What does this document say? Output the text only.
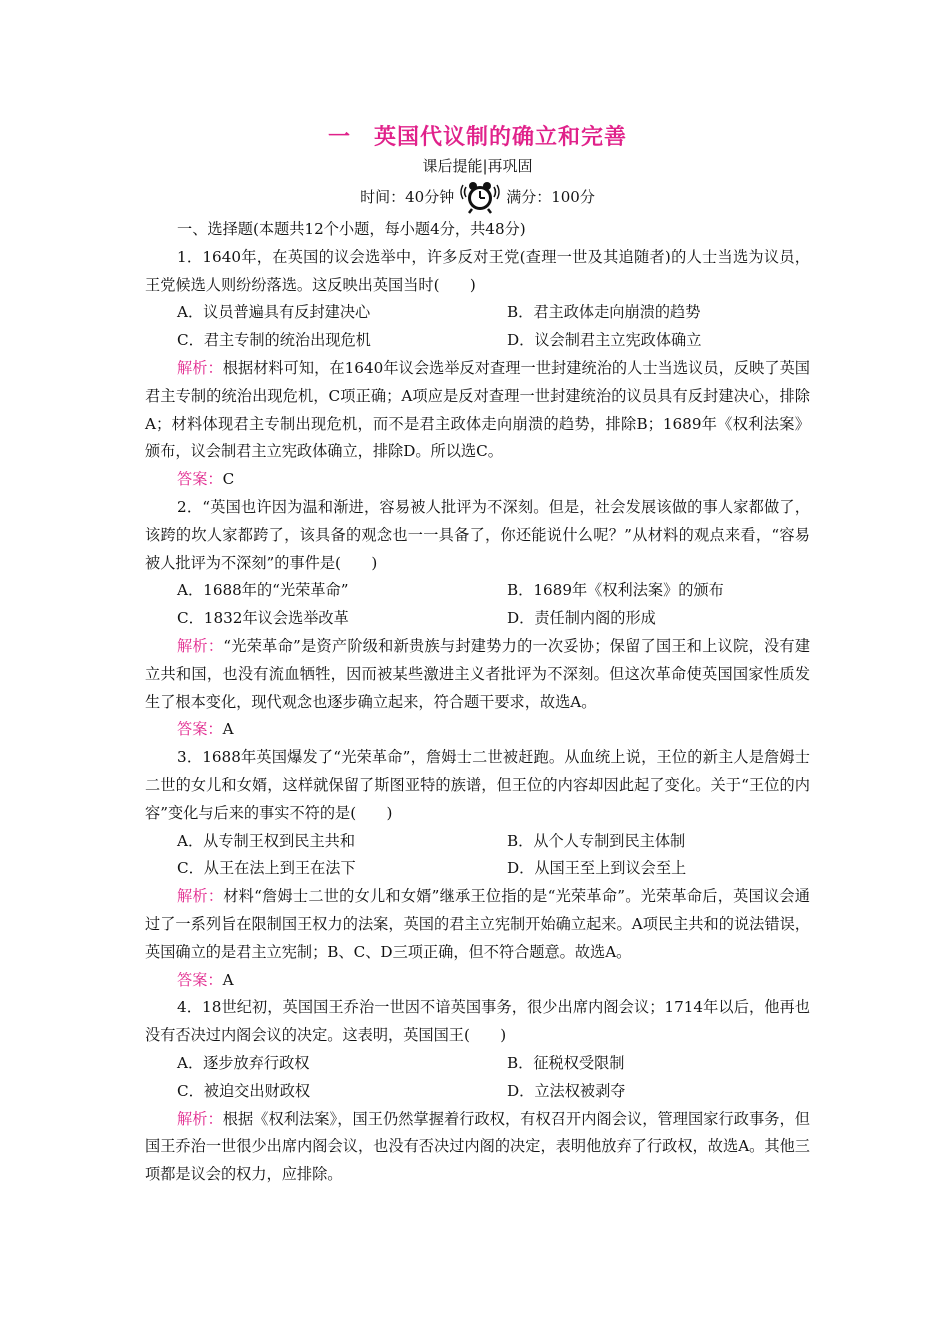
一　英国代议制的确立和完善
课后提能|再巩固
时间：40分钟	满分：100分

一、选择题(本题共12个小题，每小题4分，共48分)

1．1640年，在英国的议会选举中，许多反对王党(查理一世及其追随者)的人士当选为议员，王党候选人则纷纷落选。这反映出英国当时(　　)

A．议员普遍具有反封建决心	B．君主政体走向崩溃的趋势
C．君主专制的统治出现危机	D．议会制君主立宪政体确立

解析：根据材料可知，在1640年议会选举反对查理一世封建统治的人士当选议员，反映了英国君主专制的统治出现危机，C项正确；A项应是反对查理一世封建统治的议员具有反封建决心，排除A；材料体现君主专制出现危机，而不是君主政体走向崩溃的趋势，排除B；1689年《权利法案》颁布，议会制君主立宪政体确立，排除D。所以选C。

答案：C

2．“英国也许因为温和渐进，容易被人批评为不深刻。但是，社会发展该做的事人家都做了，该跨的坎人家都跨了，该具备的观念也一一具备了，你还能说什么呢？”从材料的观点来看，“容易被人批评为不深刻”的事件是(　　)

A．1688年的“光荣革命”	B．1689年《权利法案》的颁布
C．1832年议会选举改革	D．责任制内阁的形成

解析：“光荣革命”是资产阶级和新贵族与封建势力的一次妥协；保留了国王和上议院，没有建立共和国，也没有流血牺牲，因而被某些激进主义者批评为不深刻。但这次革命使英国国家性质发生了根本变化，现代观念也逐步确立起来，符合题干要求，故选A。

答案：A

3．1688年英国爆发了“光荣革命”，詹姆士二世被赶跑。从血统上说，王位的新主人是詹姆士二世的女儿和女婿，这样就保留了斯图亚特的族谱，但王位的内容却因此起了变化。关于“王位的内容”变化与后来的事实不符的是(　　)

A．从专制王权到民主共和	B．从个人专制到民主体制
C．从王在法上到王在法下	D．从国王至上到议会至上

解析：材料“詹姆士二世的女儿和女婿”继承王位指的是“光荣革命”。光荣革命后，英国议会通过了一系列旨在限制国王权力的法案，英国的君主立宪制开始确立起来。A项民主共和的说法错误，英国确立的是君主立宪制；B、C、D三项正确，但不符合题意。故选A。

答案：A

4．18世纪初，英国国王乔治一世因不谙英国事务，很少出席内阁会议；1714年以后，他再也没有否决过内阁会议的决定。这表明，英国国王(　　)

A．逐步放弃行政权	B．征税权受限制
C．被迫交出财政权	D．立法权被剥夺

解析：根据《权利法案》，国王仍然掌握着行政权，有权召开内阁会议，管理国家行政事务，但国王乔治一世很少出席内阁会议，也没有否决过内阁的决定，表明他放弃了行政权，故选A。其他三项都是议会的权力，应排除。
